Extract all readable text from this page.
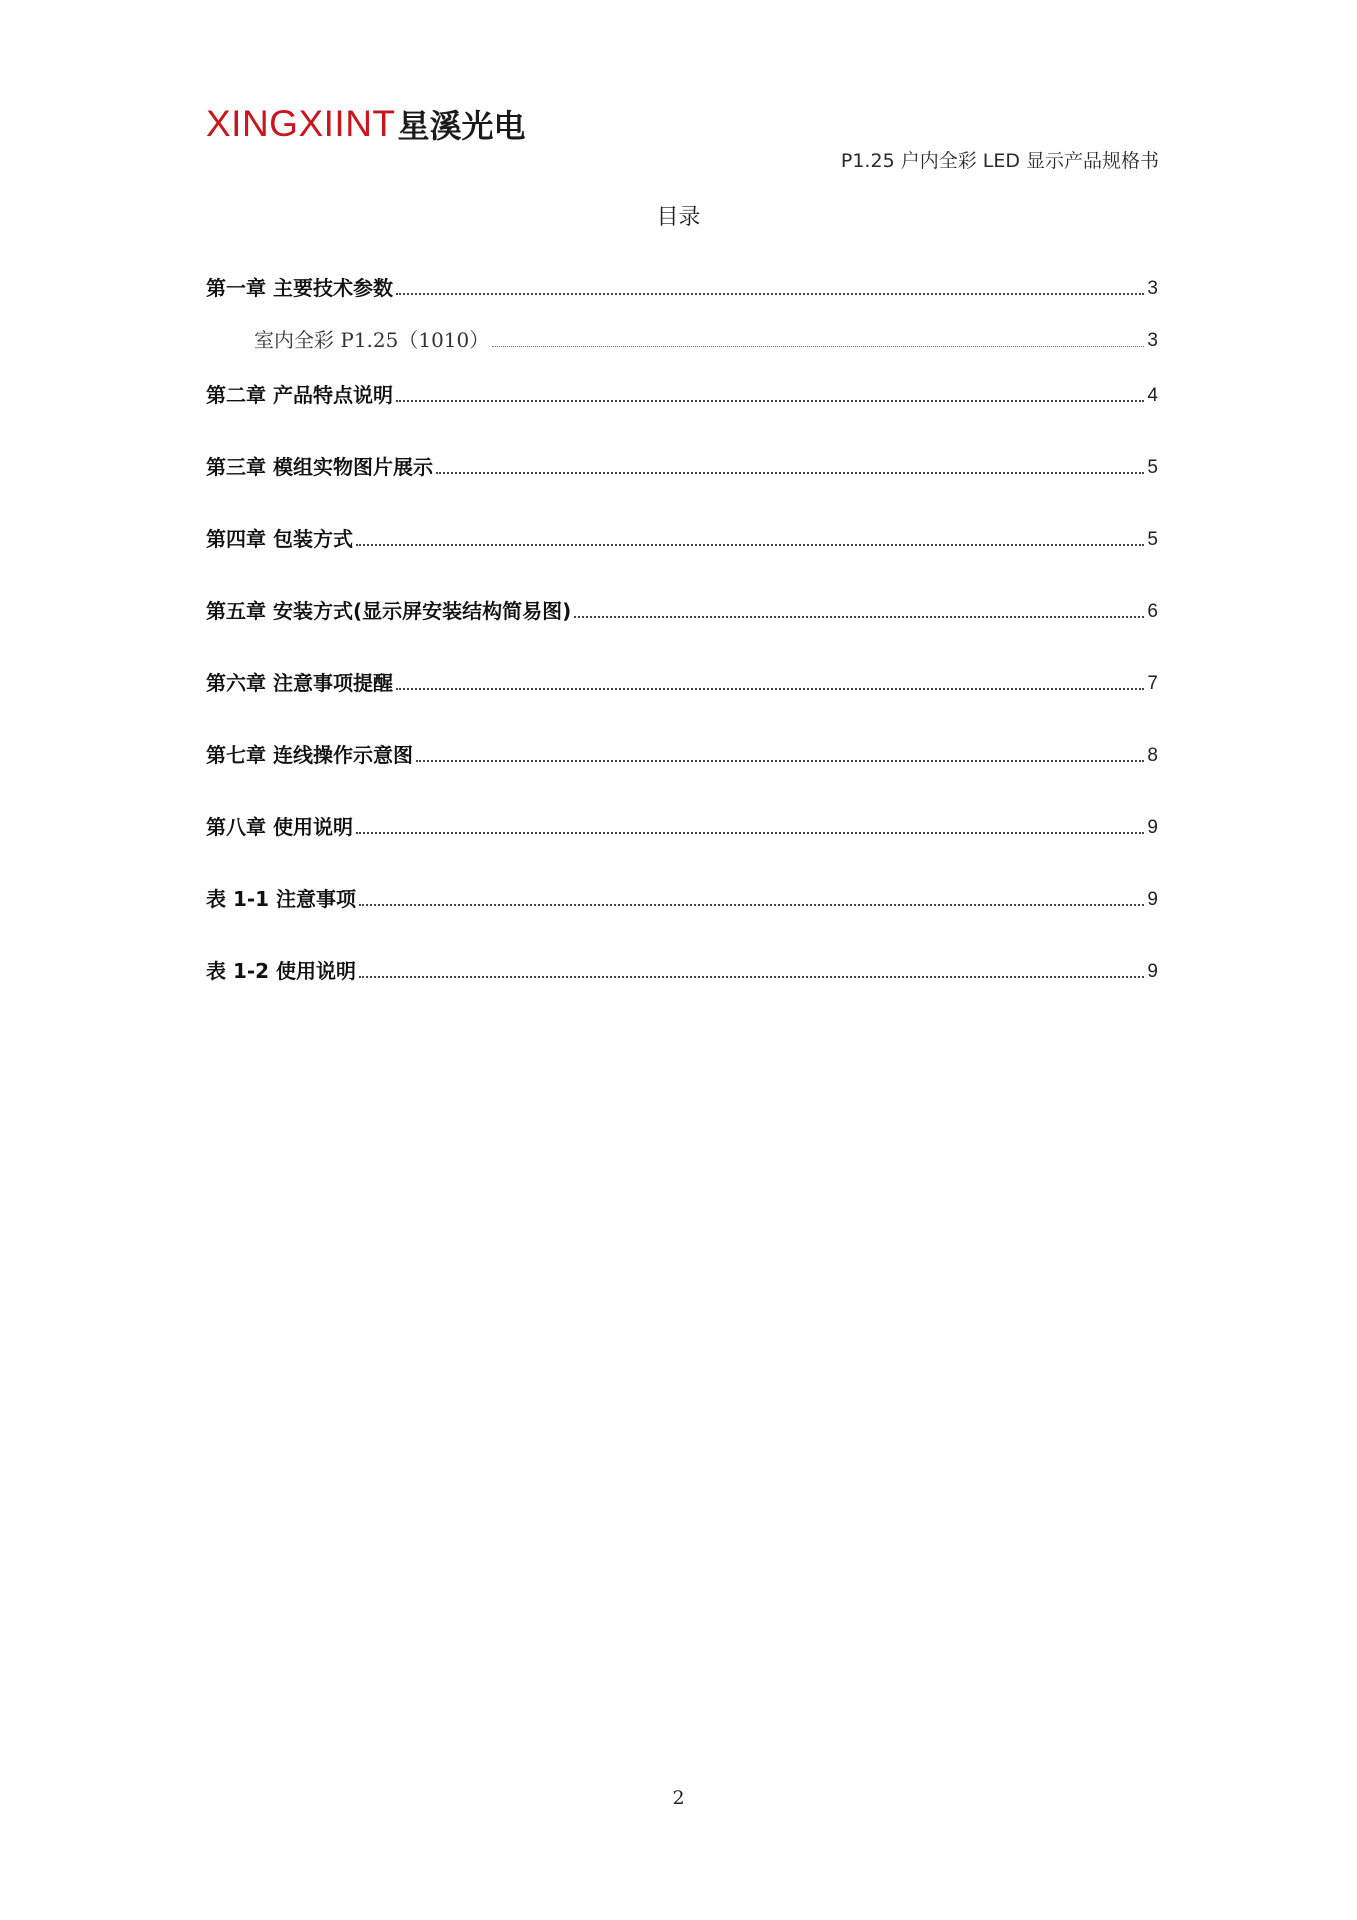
XINGXIINT 星溪光电
P1.25 户内全彩 LED 显示产品规格书
目录
第一章 主要技术参数	3
室内全彩 P1.25（1010）	3
第二章 产品特点说明	4
第三章 模组实物图片展示	5
第四章 包装方式	5
第五章 安装方式(显示屏安装结构简易图)	6
第六章 注意事项提醒	7
第七章 连线操作示意图	8
第八章 使用说明	9
表 1-1 注意事项	9
表 1-2 使用说明	9
2
